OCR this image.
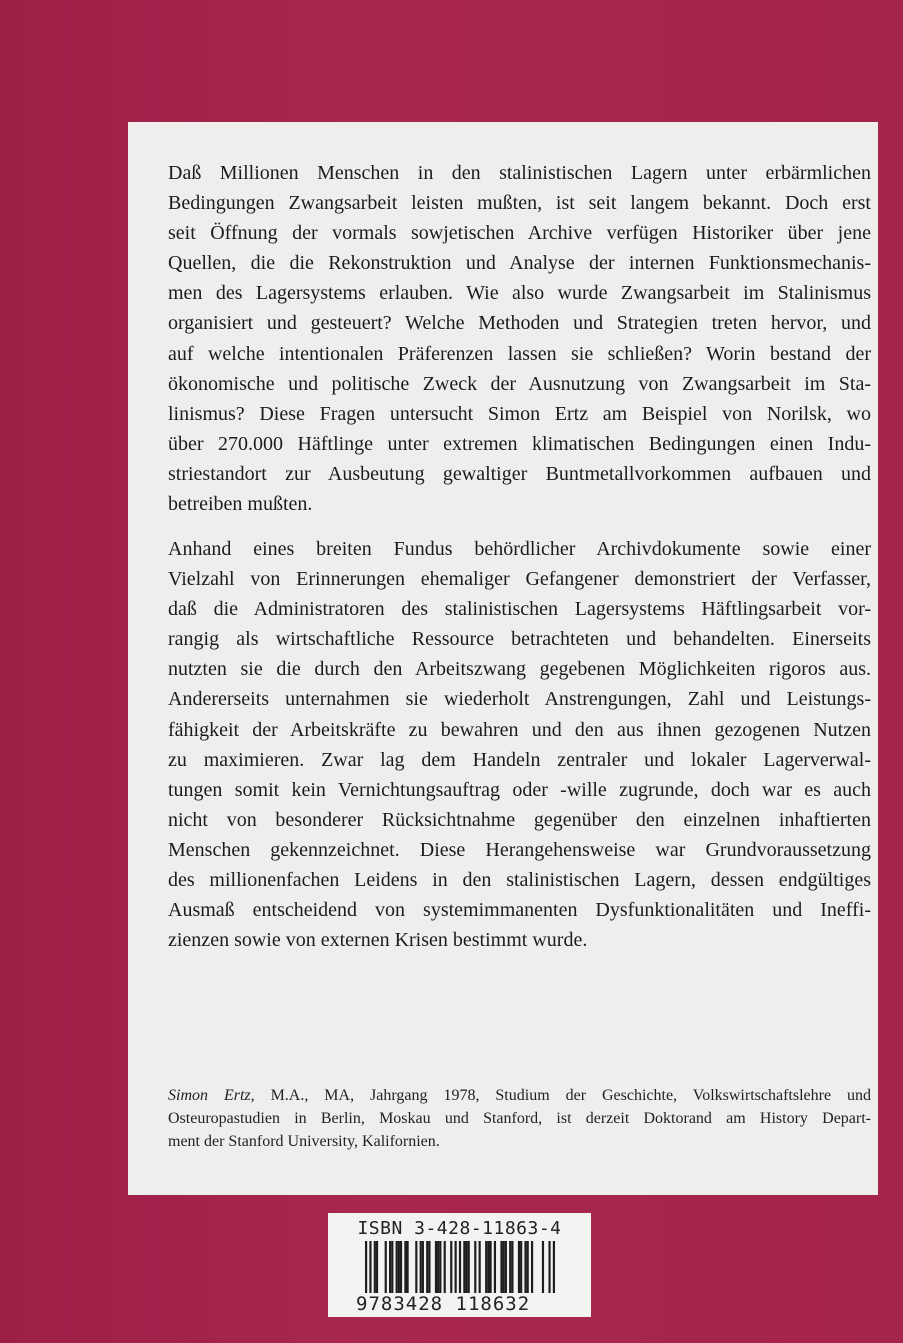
Daß Millionen Menschen in den stalinistischen Lagern unter erbärmlichen
Bedingungen Zwangsarbeit leisten mußten, ist seit langem bekannt. Doch erst
seit Öffnung der vormals sowjetischen Archive verfügen Historiker über jene
Quellen, die die Rekonstruktion und Analyse der internen Funktionsmechanis-
men des Lagersystems erlauben. Wie also wurde Zwangsarbeit im Stalinismus
organisiert und gesteuert? Welche Methoden und Strategien treten hervor, und
auf welche intentionalen Präferenzen lassen sie schließen? Worin bestand der
ökonomische und politische Zweck der Ausnutzung von Zwangsarbeit im Sta-
linismus? Diese Fragen untersucht Simon Ertz am Beispiel von Norilsk, wo
über 270.000 Häftlinge unter extremen klimatischen Bedingungen einen Indu-
striestandort zur Ausbeutung gewaltiger Buntmetallvorkommen aufbauen und
betreiben mußten.
Anhand eines breiten Fundus behördlicher Archivdokumente sowie einer
Vielzahl von Erinnerungen ehemaliger Gefangener demonstriert der Verfasser,
daß die Administratoren des stalinistischen Lagersystems Häftlingsarbeit vor-
rangig als wirtschaftliche Ressource betrachteten und behandelten. Einerseits
nutzten sie die durch den Arbeitszwang gegebenen Möglichkeiten rigoros aus.
Andererseits unternahmen sie wiederholt Anstrengungen, Zahl und Leistungs-
fähigkeit der Arbeitskräfte zu bewahren und den aus ihnen gezogenen Nutzen
zu maximieren. Zwar lag dem Handeln zentraler und lokaler Lagerverwal-
tungen somit kein Vernichtungsauftrag oder -wille zugrunde, doch war es auch
nicht von besonderer Rücksichtnahme gegenüber den einzelnen inhaftierten
Menschen gekennzeichnet. Diese Herangehensweise war Grundvoraussetzung
des millionenfachen Leidens in den stalinistischen Lagern, dessen endgültiges
Ausmaß entscheidend von systemimmanenten Dysfunktionalitäten und Ineffi-
zienzen sowie von externen Krisen bestimmt wurde.
Simon Ertz, M.A., MA, Jahrgang 1978, Studium der Geschichte, Volkswirtschaftslehre und
Osteuropastudien in Berlin, Moskau und Stanford, ist derzeit Doktorand am History Depart-
ment der Stanford University, Kalifornien.
ISBN 3-428-11863-4
9783428 118632
